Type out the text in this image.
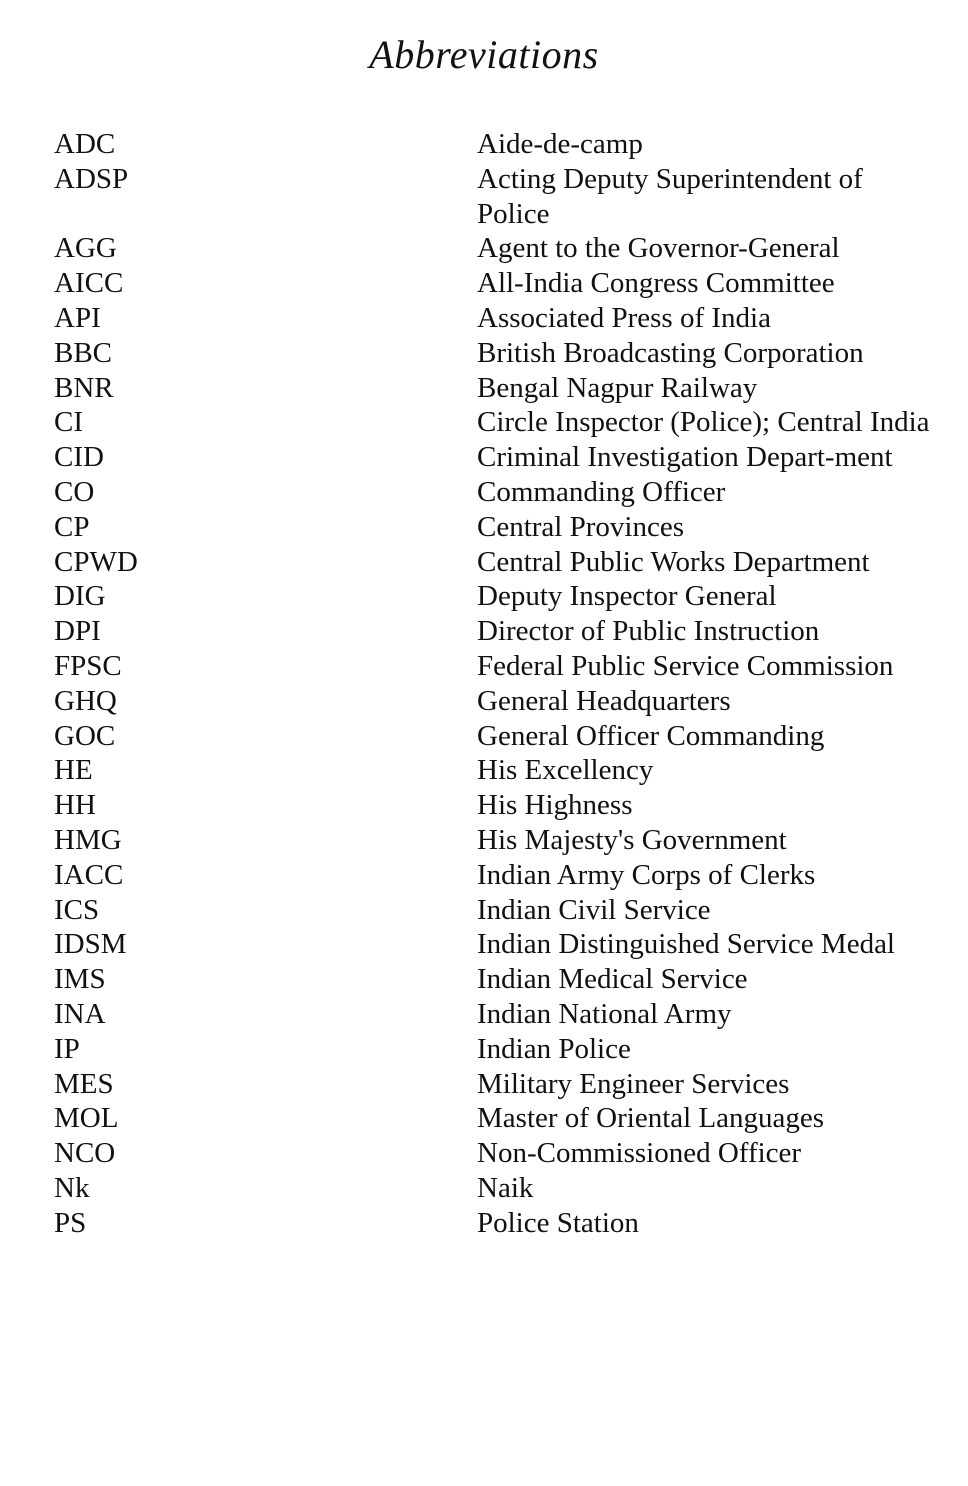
Abbreviations
ADC	Aide-de-camp
ADSP	Acting Deputy Superintendent of Police
AGG	Agent to the Governor-General
AICC	All-India Congress Committee
API	Associated Press of India
BBC	British Broadcasting Corporation
BNR	Bengal Nagpur Railway
CI	Circle Inspector (Police); Central India
CID	Criminal Investigation Depart-ment
CO	Commanding Officer
CP	Central Provinces
CPWD	Central Public Works Department
DIG	Deputy Inspector General
DPI	Director of Public Instruction
FPSC	Federal Public Service Commission
GHQ	General Headquarters
GOC	General Officer Commanding
HE	His Excellency
HH	His Highness
HMG	His Majesty's Government
IACC	Indian Army Corps of Clerks
ICS	Indian Civil Service
IDSM	Indian Distinguished Service Medal
IMS	Indian Medical Service
INA	Indian National Army
IP	Indian Police
MES	Military Engineer Services
MOL	Master of Oriental Languages
NCO	Non-Commissioned Officer
Nk	Naik
PS	Police Station
